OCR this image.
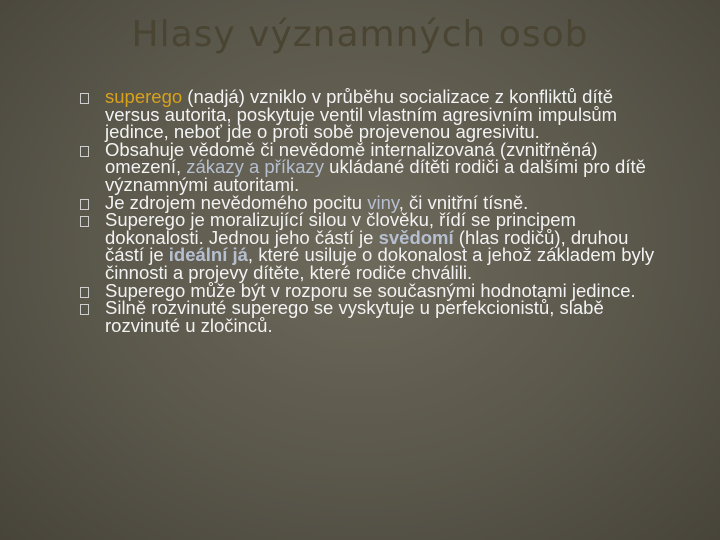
Hlasy významných osob
superego (nadjá) vzniklo v průběhu socializace z konfliktů dítě versus autorita, poskytuje ventil vlastním agresivním impulsům jedince, neboť jde o proti sobě projevenou agresivitu.
Obsahuje vědomě či nevědomě internalizovaná (zvnitřněná) omezení, zákazy a příkazy ukládané dítěti rodiči a dalšími pro dítě významnými autoritami.
Je zdrojem nevědomého pocitu viny, či vnitřní tísně.
Superego je moralizující silou v člověku, řídí se principem dokonalosti. Jednou jeho částí je svědomí (hlas rodičů), druhou částí je ideální já, které usiluje o dokonalost a jehož základem byly činnosti a projevy dítěte, které rodiče chválili.
Superego může být v rozporu se současnými hodnotami jedince.
Silně rozvinuté superego se vyskytuje u perfekcionistů, slabě rozvinuté u zločinců.
